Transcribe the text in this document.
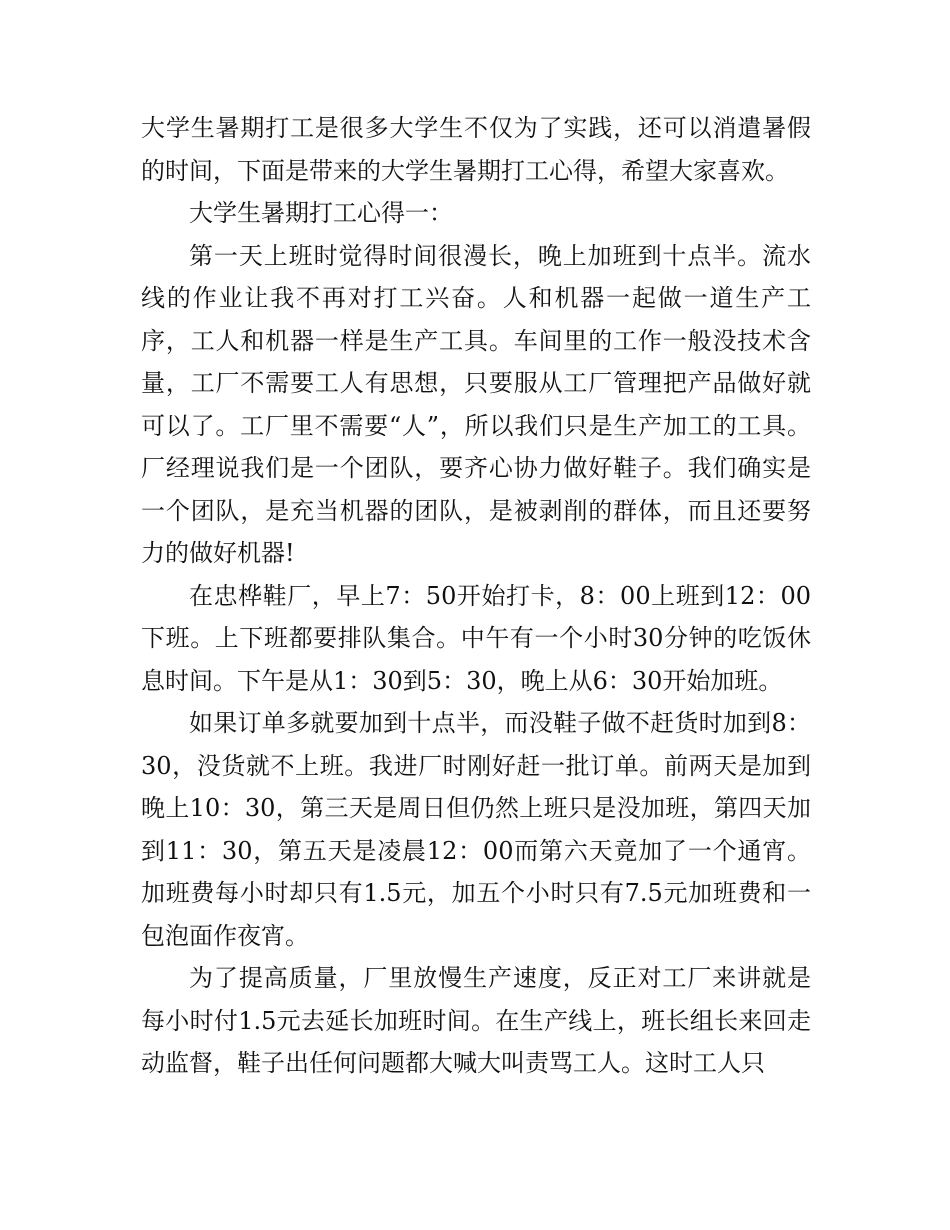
大学生暑期打工是很多大学生不仅为了实践，还可以消遣暑假的时间，下面是带来的大学生暑期打工心得，希望大家喜欢。

大学生暑期打工心得一：

第一天上班时觉得时间很漫长，晚上加班到十点半。流水线的作业让我不再对打工兴奋。人和机器一起做一道生产工序，工人和机器一样是生产工具。车间里的工作一般没技术含量，工厂不需要工人有思想，只要服从工厂管理把产品做好就可以了。工厂里不需要“人”，所以我们只是生产加工的工具。厂经理说我们是一个团队，要齐心协力做好鞋子。我们确实是一个团队，是充当机器的团队，是被剥削的群体，而且还要努力的做好机器!

在忠桦鞋厂，早上7：50开始打卡，8：00上班到12：00下班。上下班都要排队集合。中午有一个小时30分钟的吃饭休息时间。下午是从1：30到5：30，晚上从6：30开始加班。

如果订单多就要加到十点半，而没鞋子做不赶货时加到8：30，没货就不上班。我进厂时刚好赶一批订单。前两天是加到晚上10：30，第三天是周日但仍然上班只是没加班，第四天加到11：30，第五天是凌晨12：00而第六天竟加了一个通宵。加班费每小时却只有1.5元，加五个小时只有7.5元加班费和一包泡面作夜宵。

为了提高质量，厂里放慢生产速度，反正对工厂来讲就是每小时付1.5元去延长加班时间。在生产线上，班长组长来回走动监督，鞋子出任何问题都大喊大叫责骂工人。这时工人只
